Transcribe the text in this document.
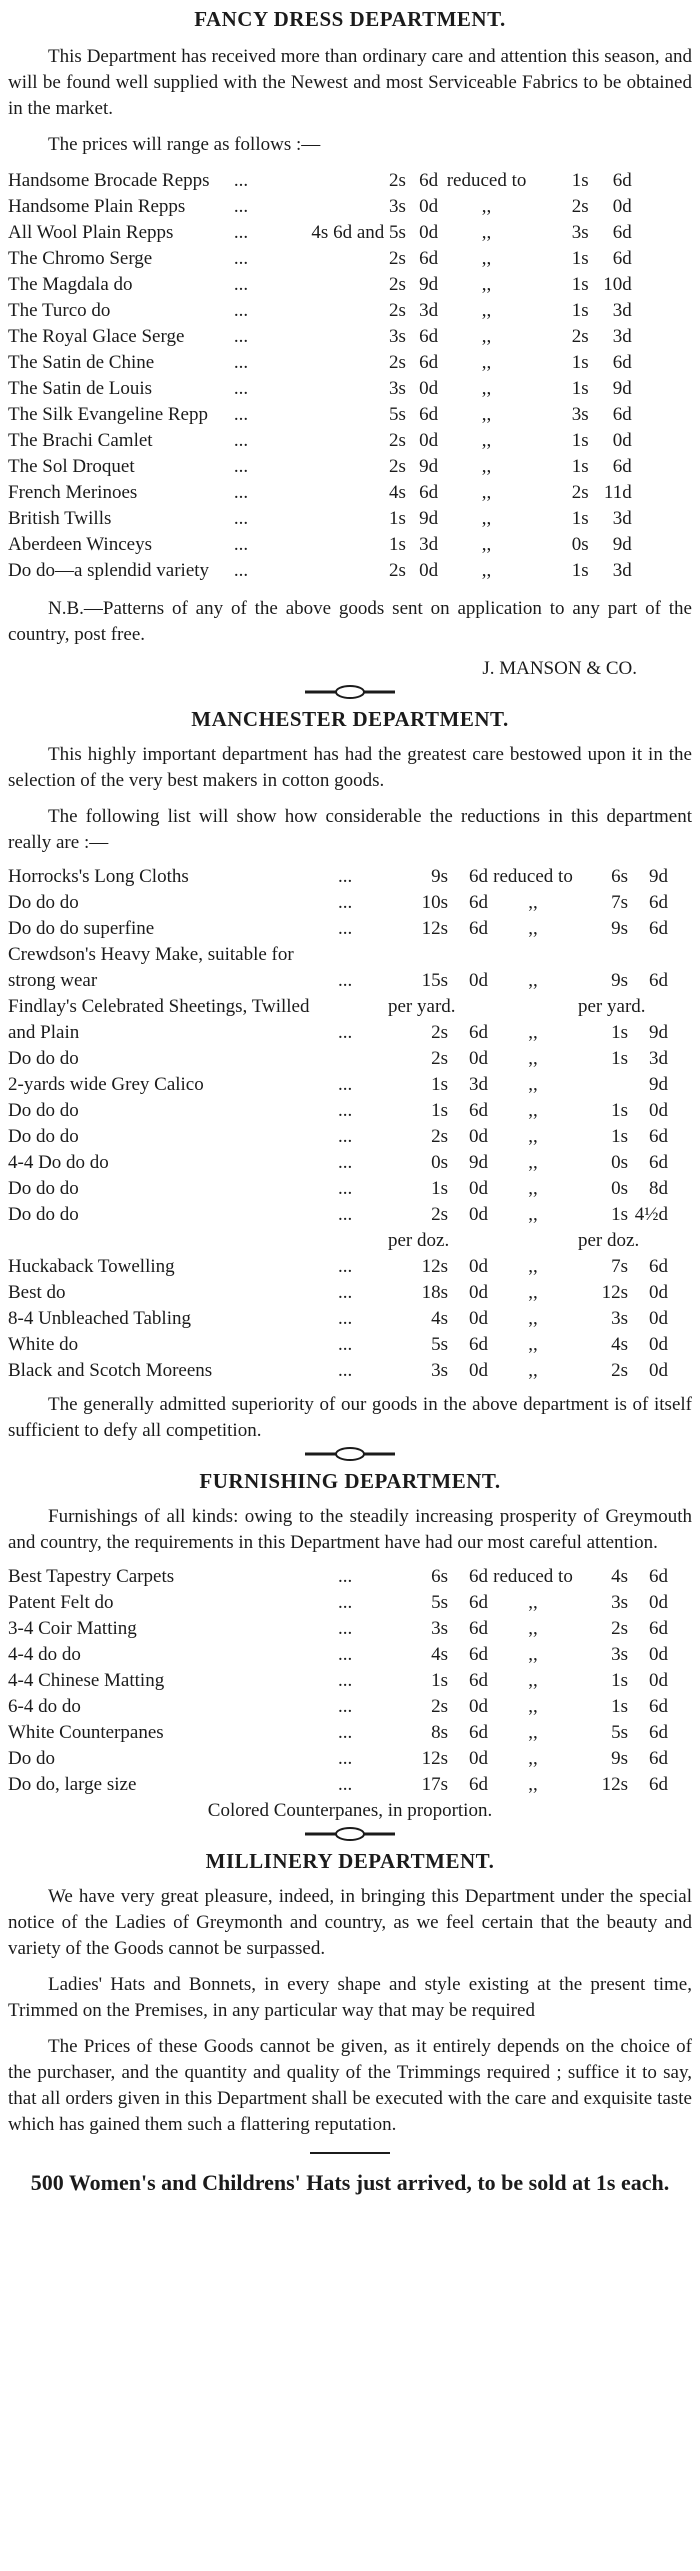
FANCY DRESS DEPARTMENT.

This Department has received more than ordinary care and attention this season, and will be found well supplied with the Newest and most Serviceable Fabrics to be obtained in the market.

The prices will range as follows :—

Handsome Brocade Repps	...	2s	6d	reduced to	1s	6d
Handsome Plain Repps	...	3s	0d	,,	2s	0d
All Wool Plain Repps	...	4s 6d and 5s	0d	,,	3s	6d
The Chromo Serge	...	2s	6d	,,	1s	6d
The Magdala do	...	2s	9d	,,	1s	10d
The Turco do	...	2s	3d	,,	1s	3d
The Royal Glace Serge	...	3s	6d	,,	2s	3d
The Satin de Chine	...	2s	6d	,,	1s	6d
The Satin de Louis	...	3s	0d	,,	1s	9d
The Silk Evangeline Repp	...	5s	6d	,,	3s	6d
The Brachi Camlet	...	2s	0d	,,	1s	0d
The Sol Droquet	...	2s	9d	,,	1s	6d
French Merinoes	...	4s	6d	,,	2s	11d
British Twills	...	1s	9d	,,	1s	3d
Aberdeen Winceys	...	1s	3d	,,	0s	9d
Do do—a splendid variety	...	2s	0d	,,	1s	3d

N.B.—Patterns of any of the above goods sent on application to any part of the country, post free.

J. MANSON & CO.

MANCHESTER DEPARTMENT.

This highly important department has had the greatest care bestowed upon it in the selection of the very best makers in cotton goods.

The following list will show how considerable the reductions in this department really are :—

Horrocks's Long Cloths	...	9s	6d	reduced to	6s	9d
Do do do	...	10s	6d	,,	7s	6d
Do do do superfine	...	12s	6d	,,	9s	6d
Crewdson's Heavy Make, suitable for						
strong wear	...	15s	0d	,,	9s	6d
Findlay's Celebrated Sheetings, Twilled		per yard.			per yard.	
and Plain	...	2s	6d	,,	1s	9d
Do do do		2s	0d	,,	1s	3d
2-yards wide Grey Calico	...	1s	3d	,,		9d
Do do do	...	1s	6d	,,	1s	0d
Do do do	...	2s	0d	,,	1s	6d
4-4 Do do do	...	0s	9d	,,	0s	6d
Do do do	...	1s	0d	,,	0s	8d
Do do do	...	2s	0d	,,	1s	4½d
		per doz.			per doz.	
Huckaback Towelling	...	12s	0d	,,	7s	6d
Best do	...	18s	0d	,,	12s	0d
8-4 Unbleached Tabling	...	4s	0d	,,	3s	0d
White do	...	5s	6d	,,	4s	0d
Black and Scotch Moreens	...	3s	0d	,,	2s	0d

The generally admitted superiority of our goods in the above department is of itself sufficient to defy all competition.

FURNISHING DEPARTMENT.

Furnishings of all kinds: owing to the steadily increasing prosperity of Greymouth and country, the requirements in this Department have had our most careful attention.

Best Tapestry Carpets	...	6s	6d	reduced to	4s	6d
Patent Felt do	...	5s	6d	,,	3s	0d
3-4 Coir Matting	...	3s	6d	,,	2s	6d
4-4 do do	...	4s	6d	,,	3s	0d
4-4 Chinese Matting	...	1s	6d	,,	1s	0d
6-4 do do	...	2s	0d	,,	1s	6d
White Counterpanes	...	8s	6d	,,	5s	6d
Do do	...	12s	0d	,,	9s	6d
Do do, large size	...	17s	6d	,,	12s	6d

Colored Counterpanes, in proportion.

MILLINERY DEPARTMENT.

We have very great pleasure, indeed, in bringing this Department under the special notice of the Ladies of Greymonth and country, as we feel certain that the beauty and variety of the Goods cannot be surpassed.

Ladies' Hats and Bonnets, in every shape and style existing at the present time, Trimmed on the Premises, in any particular way that may be required

The Prices of these Goods cannot be given, as it entirely depends on the choice of the purchaser, and the quantity and quality of the Trimmings required ; suffice it to say, that all orders given in this Department shall be executed with the care and exquisite taste which has gained them such a flattering reputation.

500 Women's and Childrens' Hats just arrived, to be sold at 1s each.
